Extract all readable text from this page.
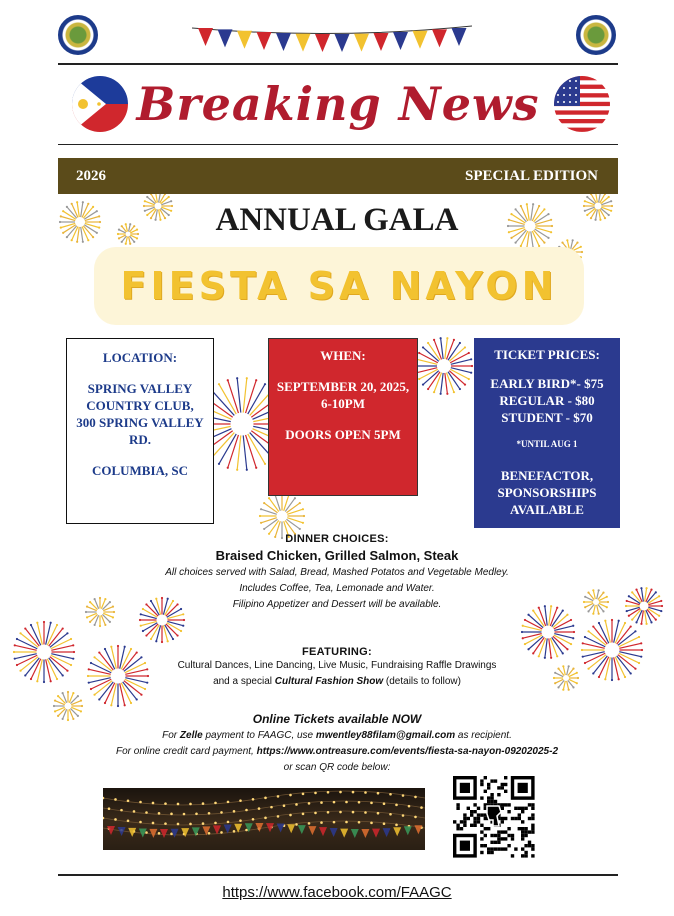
Breaking News
2026	SPECIAL EDITION
ANNUAL GALA
FIESTA SA NAYON

LOCATION:

SPRING VALLEY COUNTRY CLUB, 300 SPRING VALLEY RD.

COLUMBIA, SC

WHEN:

SEPTEMBER 20, 2025, 6-10PM

DOORS OPEN 5PM

TICKET PRICES:

EARLY BIRD*- $75
REGULAR - $80
STUDENT - $70

*UNTIL AUG 1

BENEFACTOR, SPONSORSHIPS AVAILABLE

DINNER CHOICES:
Braised Chicken, Grilled Salmon, Steak
All choices served with Salad, Bread, Mashed Potatos and Vegetable Medley.
Includes Coffee, Tea, Lemonade and Water.
Filipino Appetizer and Dessert will be available.
FEATURING:
Cultural Dances, Line Dancing, Live Music, Fundraising Raffle Drawings
and a special Cultural Fashion Show (details to follow)
Online Tickets available NOW
For Zelle payment to FAAGC, use mwentley88filam@gmail.com as recipient.
For online credit card payment, https://www.ontreasure.com/events/fiesta-sa-nayon-09202025-2
or scan QR code below:
https://www.facebook.com/FAAGC
